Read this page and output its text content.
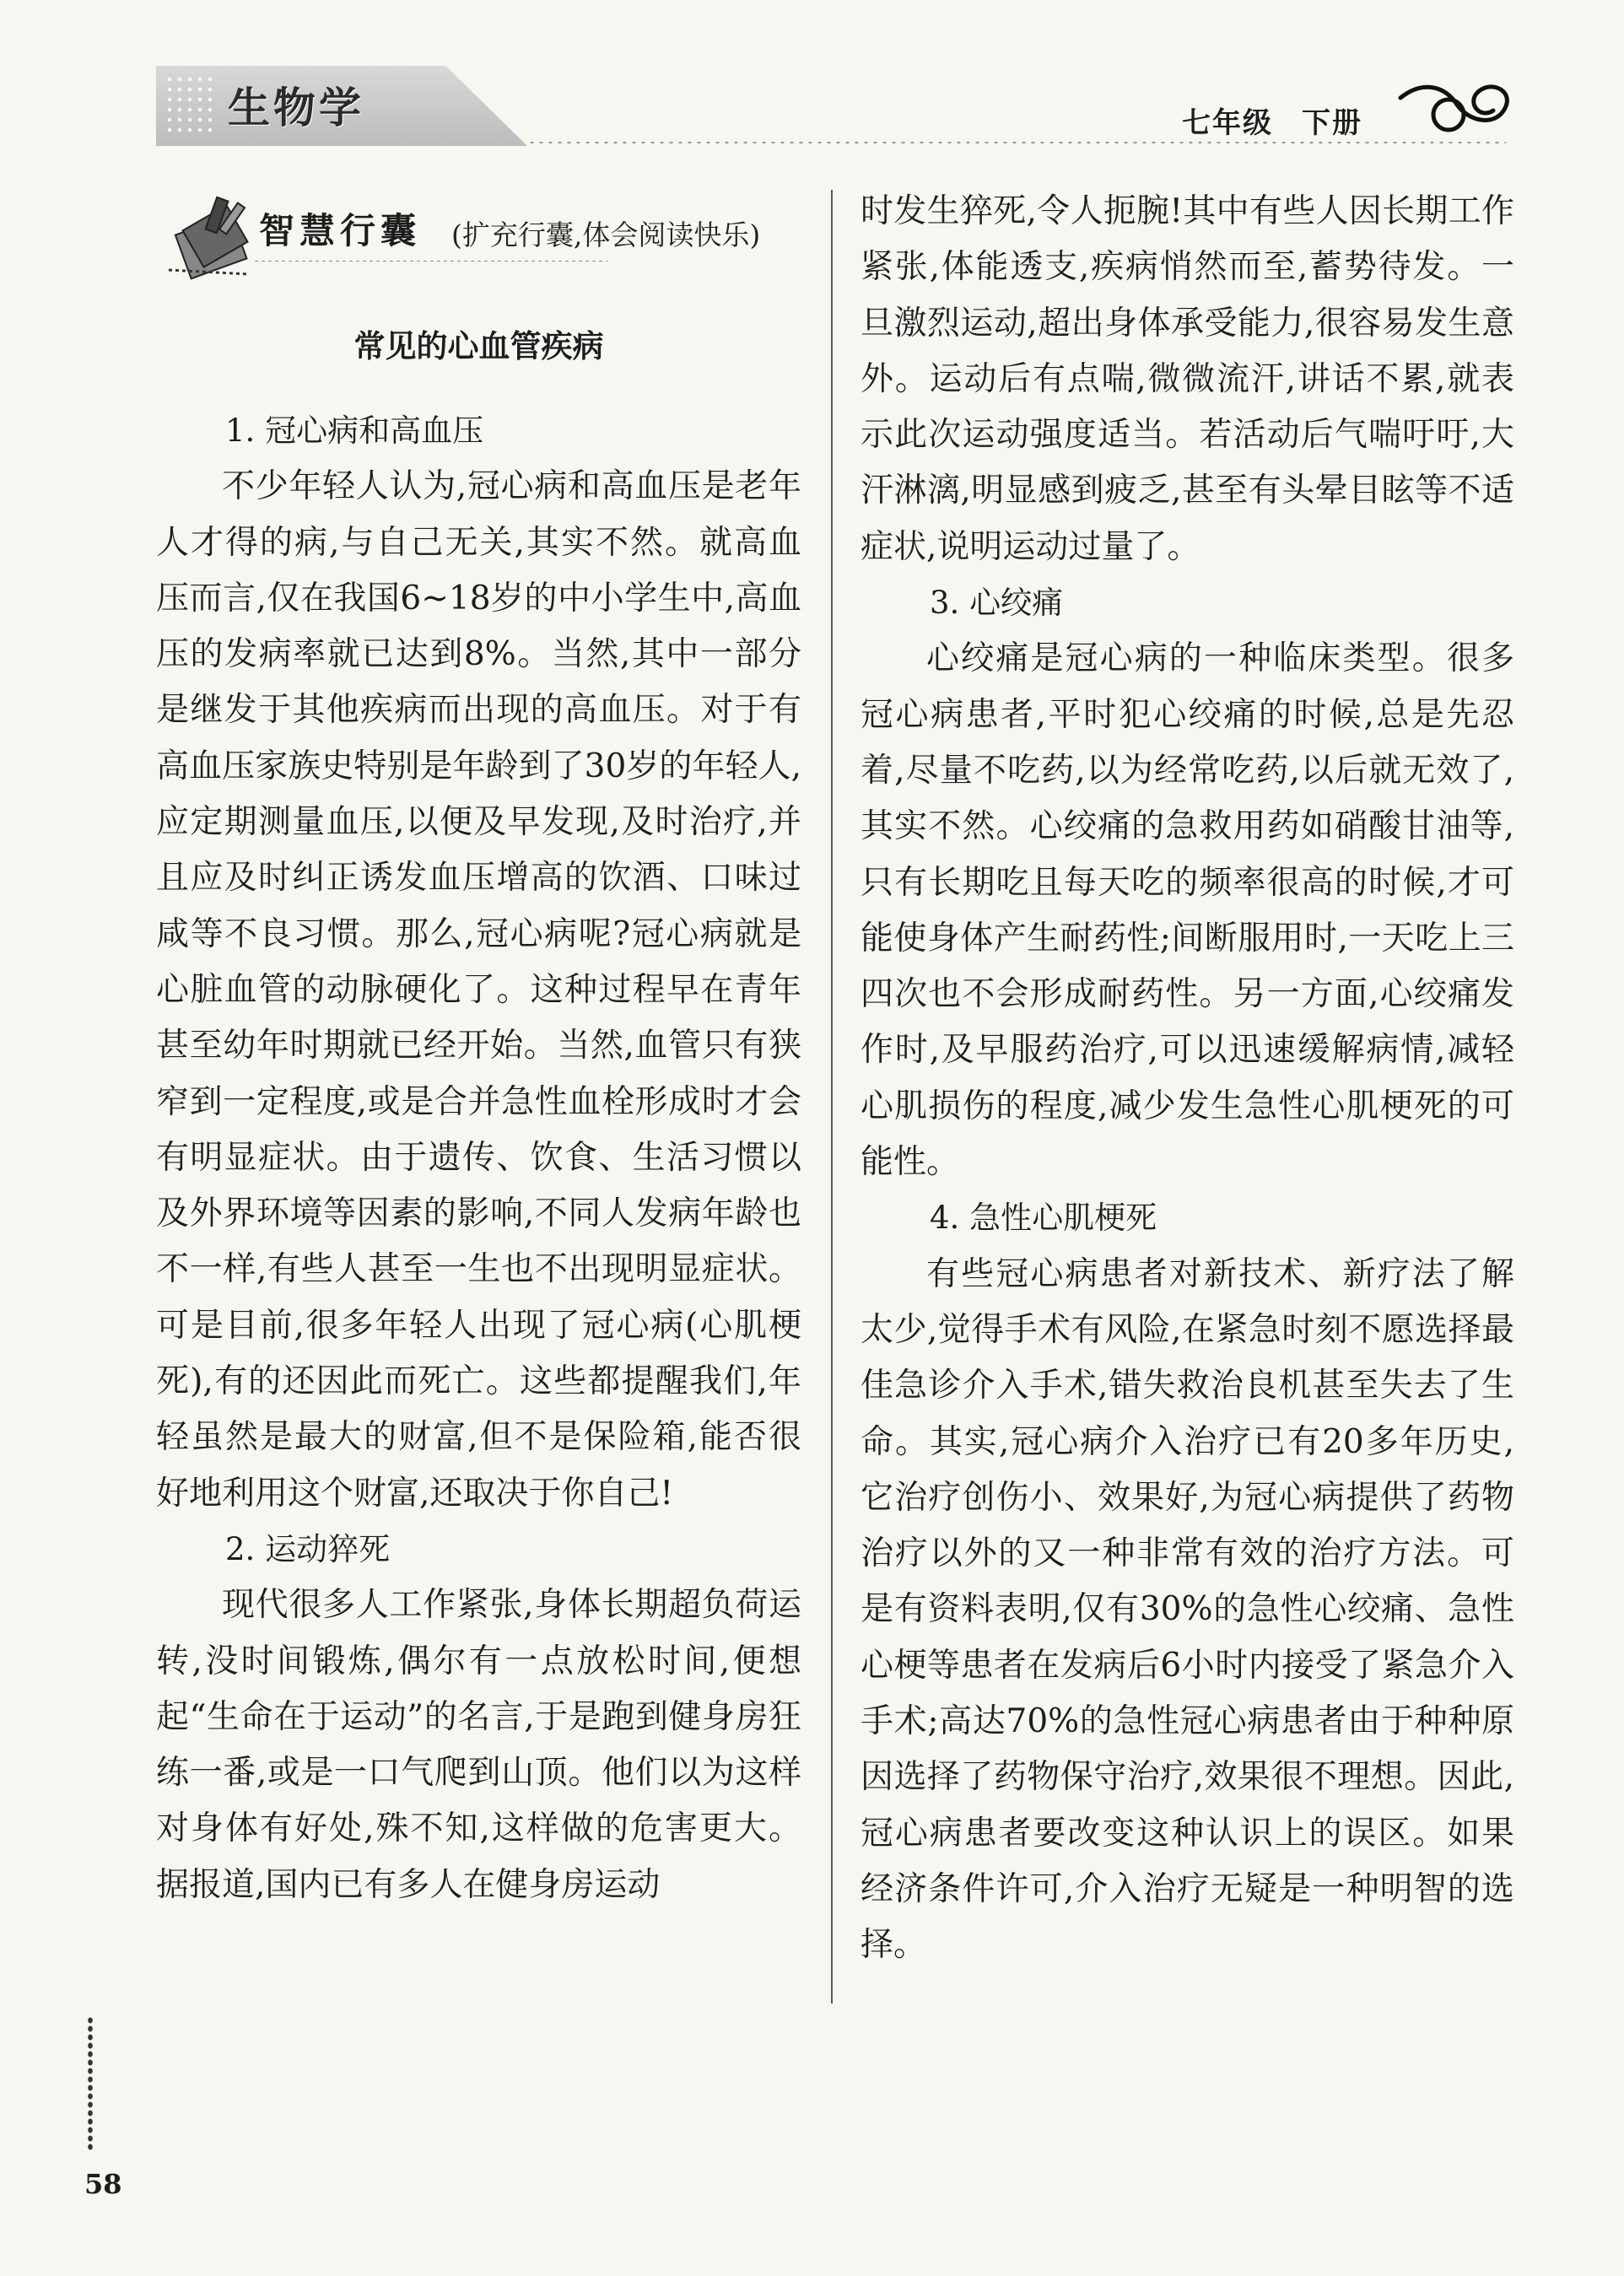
生物学	七年级 下册
智慧行囊 (扩充行囊,体会阅读快乐)
常见的心血管疾病

1. 冠心病和高血压

不少年轻人认为,冠心病和高血压是老年人才得的病,与自己无关,其实不然。就高血压而言,仅在我国6~18岁的中小学生中,高血压的发病率就已达到8%。当然,其中一部分是继发于其他疾病而出现的高血压。对于有高血压家族史特别是年龄到了30岁的年轻人,应定期测量血压,以便及早发现,及时治疗,并且应及时纠正诱发血压增高的饮酒、口味过咸等不良习惯。那么,冠心病呢?冠心病就是心脏血管的动脉硬化了。这种过程早在青年甚至幼年时期就已经开始。当然,血管只有狭窄到一定程度,或是合并急性血栓形成时才会有明显症状。由于遗传、饮食、生活习惯以及外界环境等因素的影响,不同人发病年龄也不一样,有些人甚至一生也不出现明显症状。可是目前,很多年轻人出现了冠心病(心肌梗死),有的还因此而死亡。这些都提醒我们,年轻虽然是最大的财富,但不是保险箱,能否很好地利用这个财富,还取决于你自己!

2. 运动猝死

现代很多人工作紧张,身体长期超负荷运转,没时间锻炼,偶尔有一点放松时间,便想起“生命在于运动”的名言,于是跑到健身房狂练一番,或是一口气爬到山顶。他们以为这样对身体有好处,殊不知,这样做的危害更大。据报道,国内已有多人在健身房运动

时发生猝死,令人扼腕!其中有些人因长期工作紧张,体能透支,疾病悄然而至,蓄势待发。一旦激烈运动,超出身体承受能力,很容易发生意外。运动后有点喘,微微流汗,讲话不累,就表示此次运动强度适当。若活动后气喘吁吁,大汗淋漓,明显感到疲乏,甚至有头晕目眩等不适症状,说明运动过量了。

3. 心绞痛

心绞痛是冠心病的一种临床类型。很多冠心病患者,平时犯心绞痛的时候,总是先忍着,尽量不吃药,以为经常吃药,以后就无效了,其实不然。心绞痛的急救用药如硝酸甘油等,只有长期吃且每天吃的频率很高的时候,才可能使身体产生耐药性;间断服用时,一天吃上三四次也不会形成耐药性。另一方面,心绞痛发作时,及早服药治疗,可以迅速缓解病情,减轻心肌损伤的程度,减少发生急性心肌梗死的可能性。

4. 急性心肌梗死

有些冠心病患者对新技术、新疗法了解太少,觉得手术有风险,在紧急时刻不愿选择最佳急诊介入手术,错失救治良机甚至失去了生命。其实,冠心病介入治疗已有20多年历史,它治疗创伤小、效果好,为冠心病提供了药物治疗以外的又一种非常有效的治疗方法。可是有资料表明,仅有30%的急性心绞痛、急性心梗等患者在发病后6小时内接受了紧急介入手术;高达70%的急性冠心病患者由于种种原因选择了药物保守治疗,效果很不理想。因此,冠心病患者要改变这种认识上的误区。如果经济条件许可,介入治疗无疑是一种明智的选择。

58
